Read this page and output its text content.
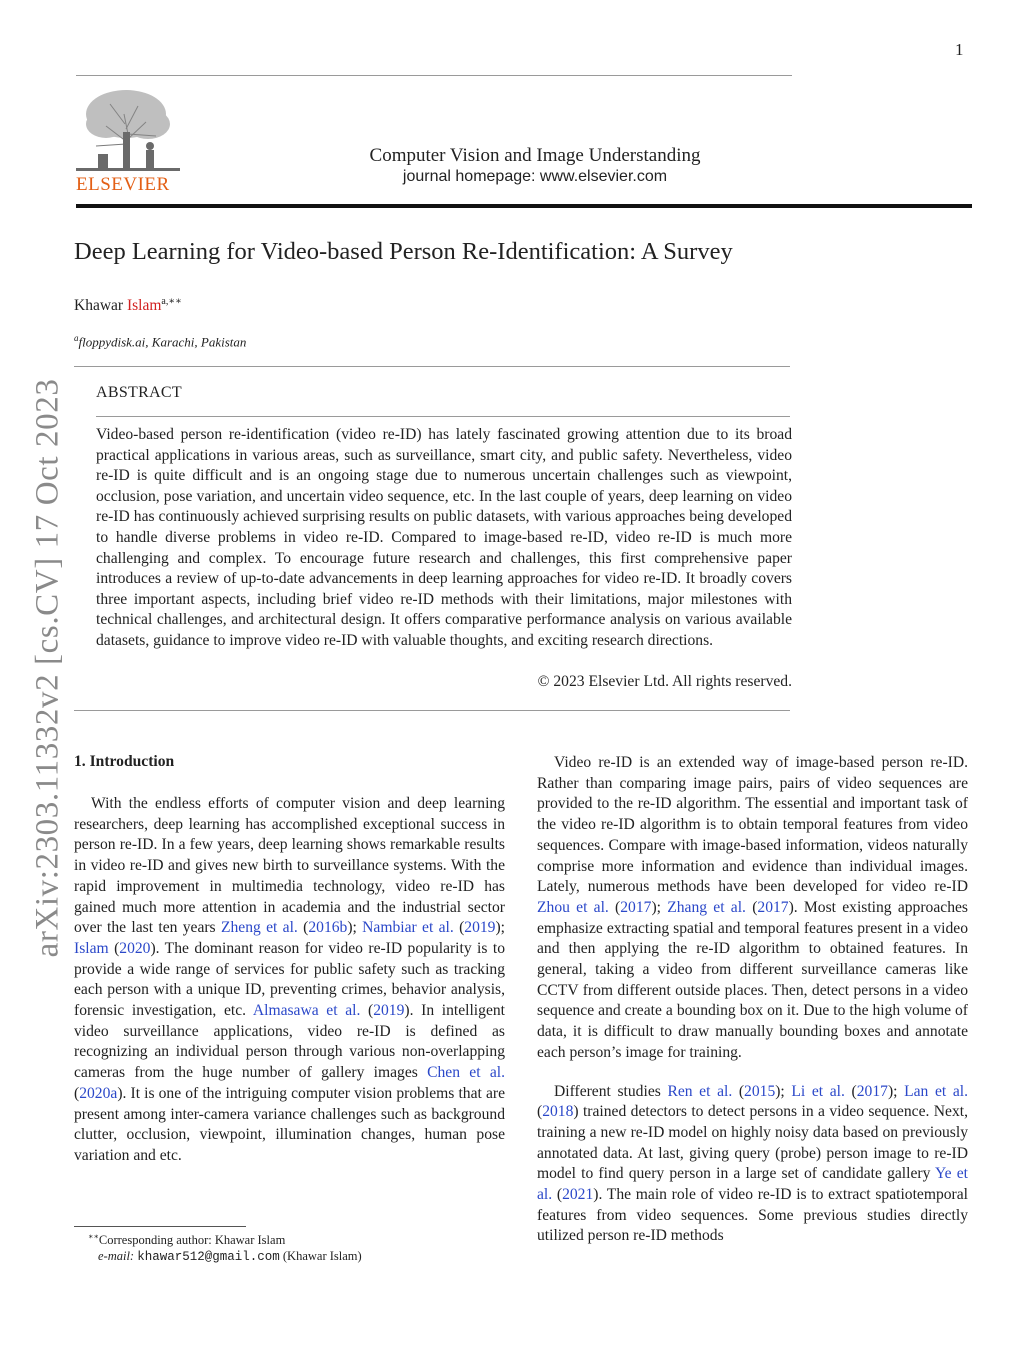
1
ELSEVIER
Computer Vision and Image Understanding
journal homepage: www.elsevier.com
Deep Learning for Video-based Person Re-Identification: A Survey
Khawar Islam$^{a,∗∗}$
$^a$floppydisk.ai, Karachi, Pakistan
ABSTRACT
Video-based person re-identification (video re-ID) has lately fascinated growing attention due to its broad practical applications in various areas, such as surveillance, smart city, and public safety. Nevertheless, video re-ID is quite difficult and is an ongoing stage due to numerous uncertain challenges such as viewpoint, occlusion, pose variation, and uncertain video sequence, etc. In the last couple of years, deep learning on video re-ID has continuously achieved surprising results on public datasets, with various approaches being developed to handle diverse problems in video re-ID. Compared to image-based re-ID, video re-ID is much more challenging and complex. To encourage future research and challenges, this first comprehensive paper introduces a review of up-to-date advancements in deep learning approaches for video re-ID. It broadly covers three important aspects, including brief video re-ID methods with their limitations, major milestones with technical challenges, and architectural design. It offers comparative performance analysis on various available datasets, guidance to improve video re-ID with valuable thoughts, and exciting research directions.
© 2023 Elsevier Ltd. All rights reserved.
arXiv:2303.11332v2 [cs.CV] 17 Oct 2023 1. Introduction

With the endless efforts of computer vision and deep learning researchers, deep learning has accomplished exceptional success in person re-ID. In a few years, deep learning shows remarkable results in video re-ID and gives new birth to surveillance systems. With the rapid improvement in multimedia technology, video re-ID has gained much more attention in academia and the industrial sector over the last ten years Zheng et al. (2016b); Nambiar et al. (2019); Islam (2020). The dominant reason for video re-ID popularity is to provide a wide range of services for public safety such as tracking each person with a unique ID, preventing crimes, behavior analysis, forensic investigation, etc. Almasawa et al. (2019). In intelligent video surveillance applications, video re-ID is defined as recognizing an individual person through various non-overlapping cameras from the huge number of gallery images Chen et al. (2020a). It is one of the intriguing computer vision problems that are present among inter-camera variance challenges such as background clutter, occlusion, viewpoint, illumination changes, human pose variation and etc.

Video re-ID is an extended way of image-based person re-ID. Rather than comparing image pairs, pairs of video sequences are provided to the re-ID algorithm. The essential and important task of the video re-ID algorithm is to obtain temporal features from video sequences. Compare with image-based information, videos naturally comprise more information and evidence than individual images. Lately, numerous methods have been developed for video re-ID Zhou et al. (2017); Zhang et al. (2017). Most existing approaches emphasize extracting spatial and temporal features present in a video and then applying the re-ID algorithm to obtained features. In general, taking a video from different surveillance cameras like CCTV from different outside places. Then, detect persons in a video sequence and create a bounding box on it. Due to the high volume of data, it is difficult to draw manually bounding boxes and annotate each person’s image for training.

Different studies Ren et al. (2015); Li et al. (2017); Lan et al. (2018) trained detectors to detect persons in a video sequence. Next, training a new re-ID model on highly noisy data based on previously annotated data. At last, giving query (probe) person image to re-ID model to find query person in a large set of candidate gallery Ye et al. (2021). The main role of video re-ID is to extract spatiotemporal features from video sequences. Some previous studies directly utilized person re-ID methods

∗∗Corresponding author: Khawar Islam
e-mail: khawar512@gmail.com (Khawar Islam)
